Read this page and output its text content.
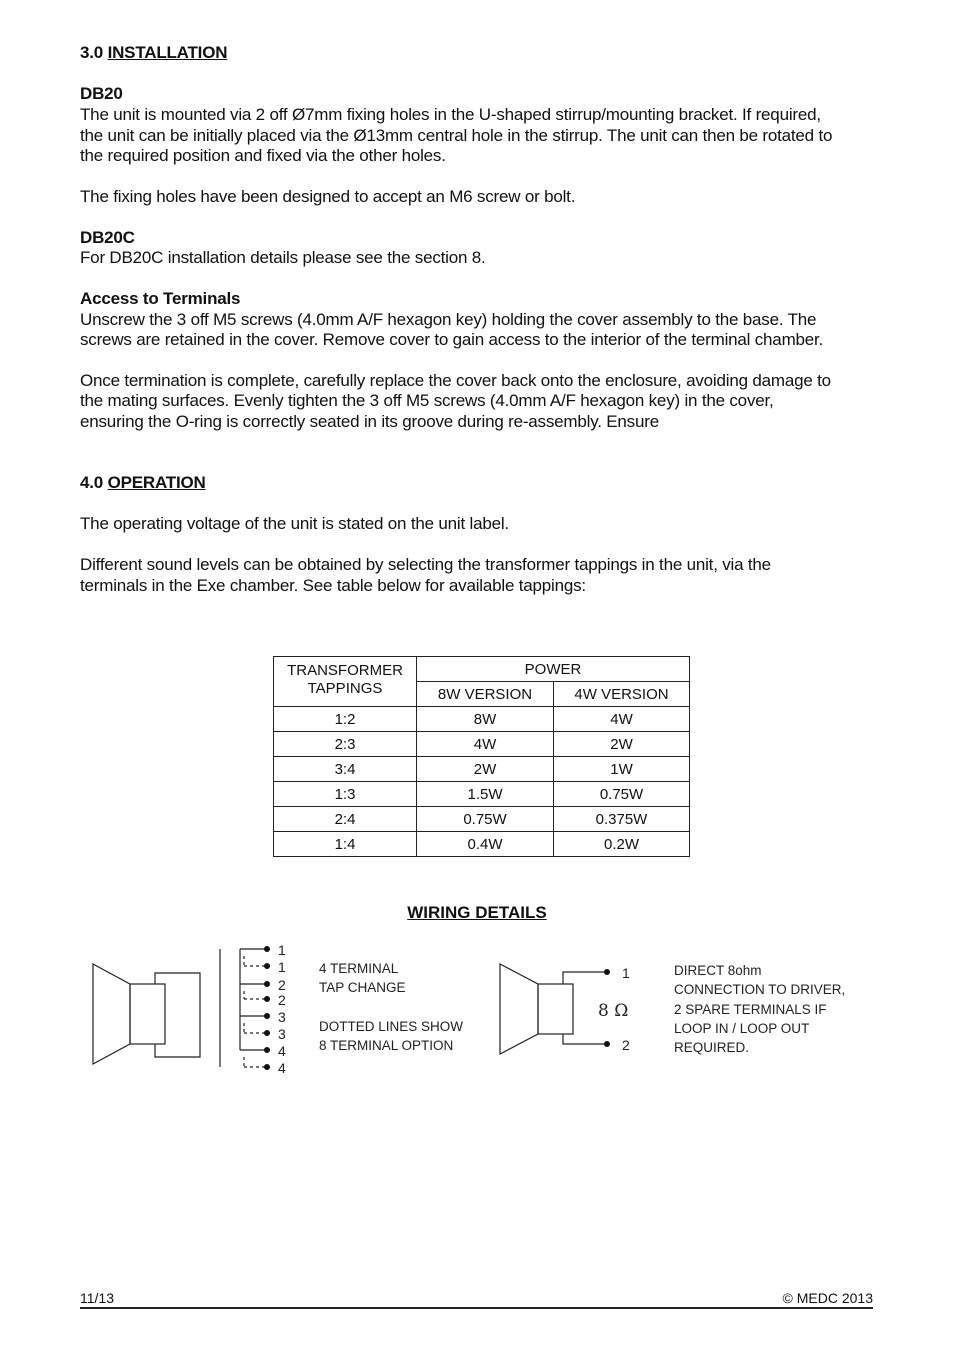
3.0 INSTALLATION
DB20
The unit is mounted via 2 off Ø7mm fixing holes in the U-shaped stirrup/mounting bracket. If required,
the unit can be initially placed via the Ø13mm central hole in the stirrup. The unit can then be rotated to
the required position and fixed via the other holes.
The fixing holes have been designed to accept an M6 screw or bolt.
DB20C
For DB20C installation details please see the section 8.
Access to Terminals
Unscrew the 3 off M5 screws (4.0mm A/F hexagon key) holding the cover assembly to the base. The
screws are retained in the cover. Remove cover to gain access to the interior of the terminal chamber.
Once termination is complete, carefully replace the cover back onto the enclosure, avoiding damage to
the mating surfaces. Evenly tighten the 3 off M5 screws (4.0mm A/F hexagon key) in the cover,
ensuring the O-ring is correctly seated in its groove during re-assembly. Ensure
4.0 OPERATION
The operating voltage of the unit is stated on the unit label.
Different sound levels can be obtained by selecting the transformer tappings in the unit, via the
terminals in the Exe chamber. See table below for available tappings:
TRANSFORMER
TAPPINGS	POWER	
	8W VERSION	4W VERSION
1:2	8W	4W
2:3	4W	2W
3:4	2W	1W
1:3	1.5W	0.75W
2:4	0.75W	0.375W
1:4	0.4W	0.2W
WIRING DETAILS
1
1
2
2
3
3
4
4
4 TERMINAL
TAP CHANGE
DOTTED LINES SHOW
8 TERMINAL OPTION
1
2
8 Ω
DIRECT 8ohm
CONNECTION TO DRIVER,
2 SPARE TERMINALS IF
LOOP IN / LOOP OUT
REQUIRED.
11/13	© MEDC 2013
